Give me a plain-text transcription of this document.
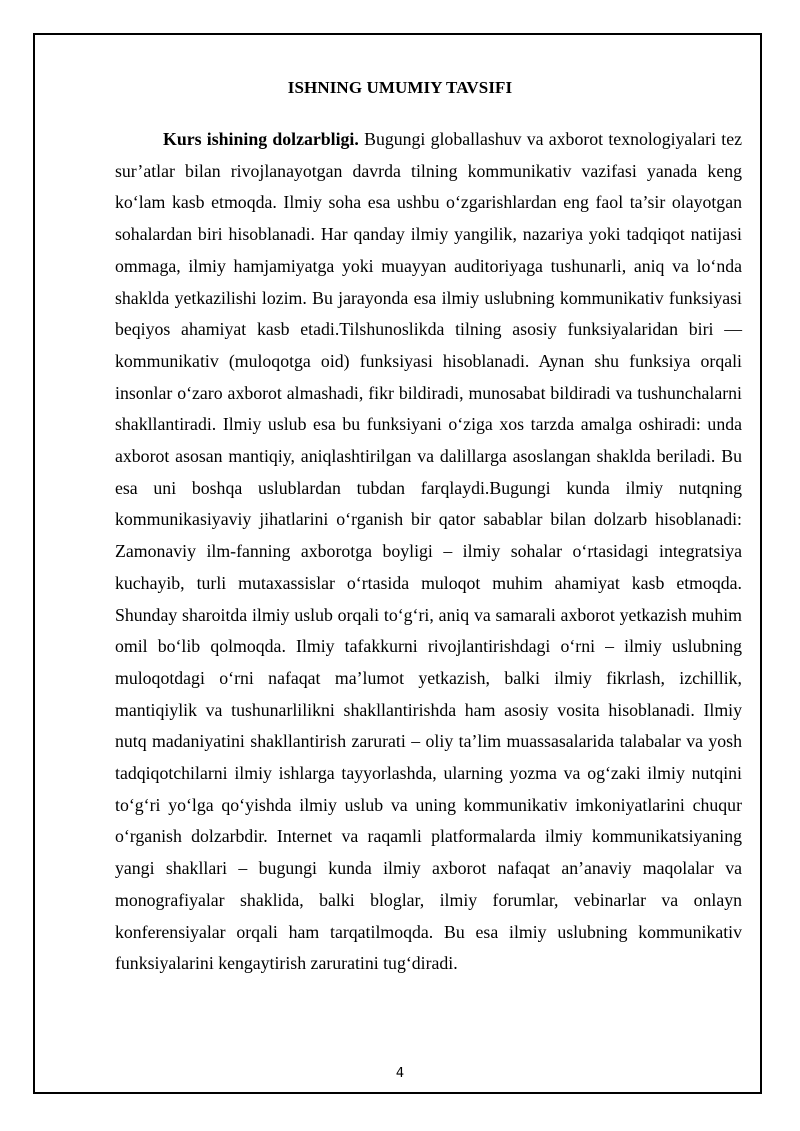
ISHNING UMUMIY TAVSIFI

Kurs ishining dolzarbligi. Bugungi globallashuv va axborot texnologiyalari tez sur’atlar bilan rivojlanayotgan davrda tilning kommunikativ vazifasi yanada keng ko‘lam kasb etmoqda. Ilmiy soha esa ushbu o‘zgarishlardan eng faol ta’sir olayotgan sohalardan biri hisoblanadi. Har qanday ilmiy yangilik, nazariya yoki tadqiqot natijasi ommaga, ilmiy hamjamiyatga yoki muayyan auditoriyaga tushunarli, aniq va lo‘nda shaklda yetkazilishi lozim. Bu jarayonda esa ilmiy uslubning kommunikativ funksiyasi beqiyos ahamiyat kasb etadi.Tilshunoslikda tilning asosiy funksiyalaridan biri — kommunikativ (muloqotga oid) funksiyasi hisoblanadi. Aynan shu funksiya orqali insonlar o‘zaro axborot almashadi, fikr bildiradi, munosabat bildiradi va tushunchalarni shakllantiradi. Ilmiy uslub esa bu funksiyani o‘ziga xos tarzda amalga oshiradi: unda axborot asosan mantiqiy, aniqlashtirilgan va dalillarga asoslangan shaklda beriladi. Bu esa uni boshqa uslublardan tubdan farqlaydi.Bugungi kunda ilmiy nutqning kommunikasiyaviy jihatlarini o‘rganish bir qator sabablar bilan dolzarb hisoblanadi: Zamonaviy ilm-fanning axborotga boyligi – ilmiy sohalar o‘rtasidagi integratsiya kuchayib, turli mutaxassislar o‘rtasida muloqot muhim ahamiyat kasb etmoqda. Shunday sharoitda ilmiy uslub orqali to‘g‘ri, aniq va samarali axborot yetkazish muhim omil bo‘lib qolmoqda. Ilmiy tafakkurni rivojlantirishdagi o‘rni – ilmiy uslubning muloqotdagi o‘rni nafaqat ma’lumot yetkazish, balki ilmiy fikrlash, izchillik, mantiqiylik va tushunarlilikni shakllantirishda ham asosiy vosita hisoblanadi. Ilmiy nutq madaniyatini shakllantirish zarurati – oliy ta’lim muassasalarida talabalar va yosh tadqiqotchilarni ilmiy ishlarga tayyorlashda, ularning yozma va og‘zaki ilmiy nutqini to‘g‘ri yo‘lga qo‘yishda ilmiy uslub va uning kommunikativ imkoniyatlarini chuqur o‘rganish dolzarbdir. Internet va raqamli platformalarda ilmiy kommunikatsiyaning yangi shakllari – bugungi kunda ilmiy axborot nafaqat an’anaviy maqolalar va monografiyalar shaklida, balki bloglar, ilmiy forumlar, vebinarlar va onlayn konferensiyalar orqali ham tarqatilmoqda. Bu esa ilmiy uslubning kommunikativ funksiyalarini kengaytirish zaruratini tug‘diradi.

4
